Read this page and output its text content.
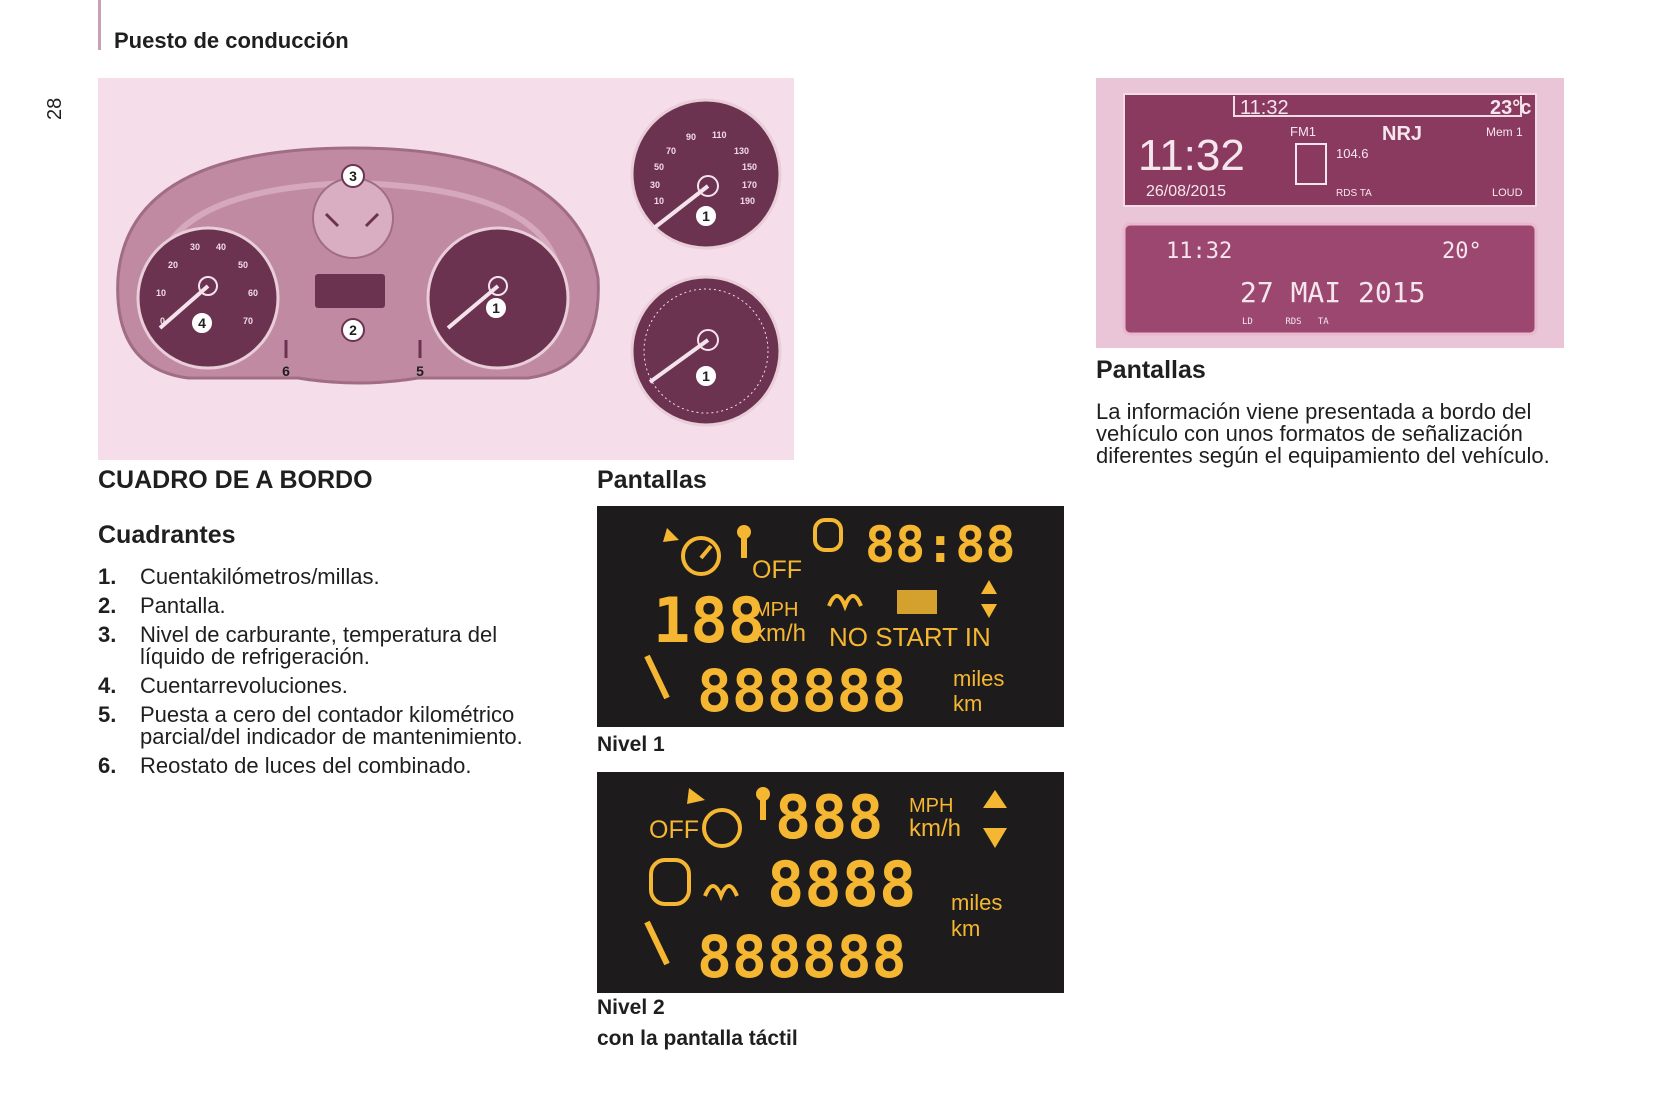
Puesto de conducción
28
30 40
20	50
10	60
0	70
3
2
4
1
6	5
90 110
70	130
50	150
30	170
10	190
1
1
CUADRO DE A BORDO
Cuadrantes
1.	Cuentakilómetros/millas.
2.	Pantalla.
3.	Nivel de carburante, temperatura del líquido de refrigeración.
4.	Cuentarrevoluciones.
5.	Puesta a cero del contador kilométrico parcial/del indicador de mantenimiento.
6.	Reostato de luces del combinado.
Pantallas
OFF 88:88
188
MPH
km/h NO START IN
888888 miles
km
Nivel 1
OFF 888 MPH
km/h
8888 miles
888888 km
Nivel 2
con la pantalla táctil
11:32	23°c
11:32
26/08/2015
FM1	NRJ	Mem 1
104.6
RDS TA	LOUD
11:32	20°
27 MAI 2015
LD      RDS   TA
Pantallas
La información viene presentada a bordo del vehículo con unos formatos de señalización diferentes según el equipamiento del vehículo.
